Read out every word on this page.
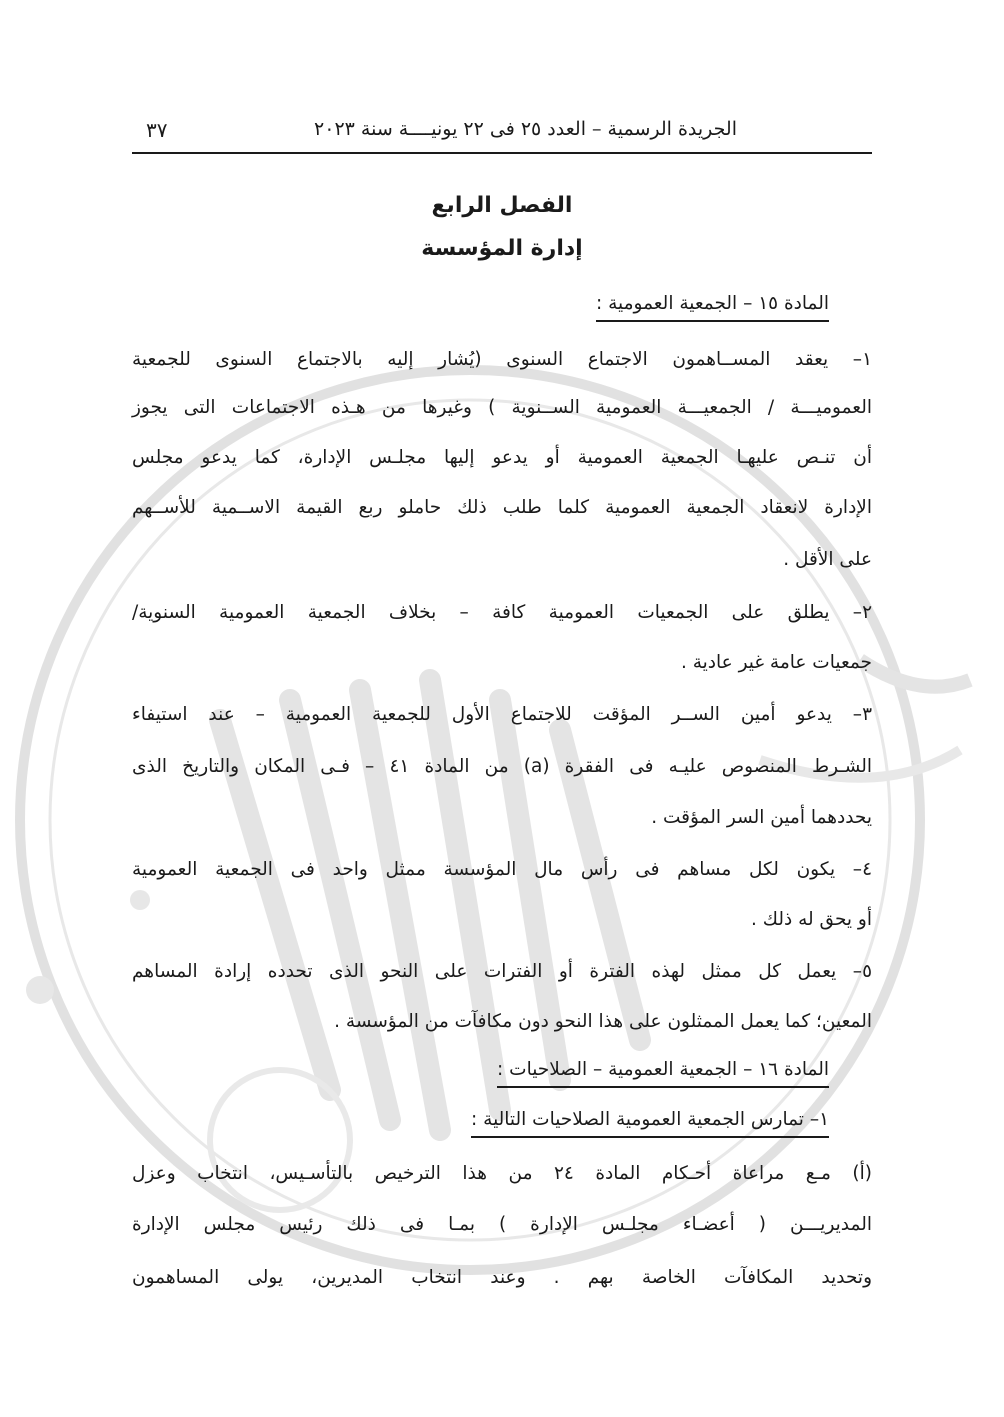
الجريدة الرسمية – العدد ٢٥ فى ٢٢ يونيــــة سنة ٢٠٢٣
٣٧
الفصل الرابع
إدارة المؤسسة
المادة ١٥ – الجمعية العمومية :
١– يعقد المســاهمون الاجتماع السنوى (يُشار إليه بالاجتماع السنوى للجمعية
العموميـــة / الجمعيـــة العمومية الســنوية ) وغيرها من هـذه الاجتماعات التى يجوز
أن تنـص عليهـا الجمعية العمومية أو يدعو إليها مجلـس الإدارة، كما يدعو مجلس
الإدارة لانعقاد الجمعية العمومية كلما طلب ذلك حاملو ربع القيمة الاســمية للأســهم
على الأقل .
٢– يطلق على الجمعيات العمومية كافة – بخلاف الجمعية العمومية السنوية/
جمعيات عامة غير عادية .
٣– يدعو أمين الســر المؤقت للاجتماع الأول للجمعية العمومية – عند استيفاء
الشـرط المنصوص عليـه فى الفقرة (a) من المادة ٤١ – فـى المكان والتاريخ الذى
يحددهما أمين السر المؤقت .
٤– يكون لكل مساهم فى رأس مال المؤسسة ممثل واحد فى الجمعية العمومية
أو يحق له ذلك .
٥– يعمل كل ممثل لهذه الفترة أو الفترات على النحو الذى تحدده إرادة المساهم
المعين؛ كما يعمل الممثلون على هذا النحو دون مكافآت من المؤسسة .
المادة ١٦ – الجمعية العمومية – الصلاحيات :
١– تمارس الجمعية العمومية الصلاحيات التالية :
(أ) مـع مراعاة أحـكام المادة ٢٤ من هذا الترخيص بالتأسـيس، انتخاب وعزل
المديريـــن ( أعضـاء مجلـس الإدارة ) بمـا فى ذلك رئيس مجلس الإدارة
وتحديد المكافآت الخاصة بهم . وعند انتخاب المديرين، يولى المساهمون
